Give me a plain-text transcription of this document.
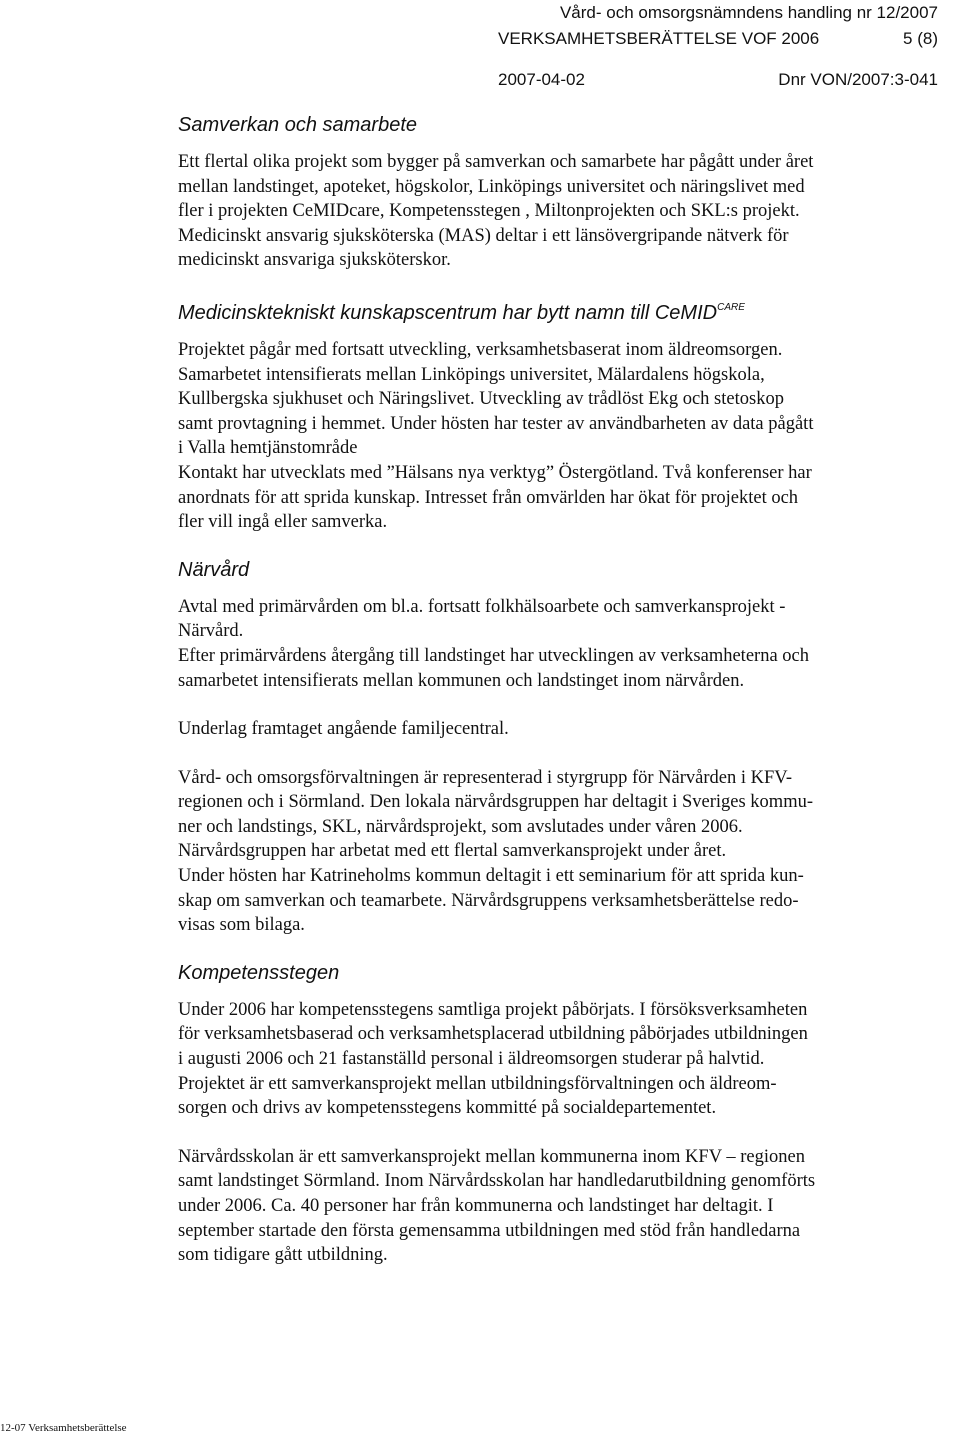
Vård- och omsorgsnämndens handling nr 12/2007
VERKSAMHETSBERÄTTELSE VOF 2006	5 (8)
2007-04-02	Dnr VON/2007:3-041
Samverkan och samarbete

Ett flertal olika projekt som bygger på samverkan och samarbete har pågått under året
mellan landstinget, apoteket, högskolor, Linköpings universitet och näringslivet med
fler i projekten CeMIDcare, Kompetensstegen , Miltonprojekten och SKL:s projekt.
Medicinskt ansvarig sjuksköterska (MAS) deltar i ett länsövergripande nätverk för
medicinskt ansvariga sjuksköterskor.

Medicinsktekniskt kunskapscentrum har bytt namn till CeMID$^{CARE}$

Projektet pågår med fortsatt utveckling, verksamhetsbaserat inom äldreomsorgen.
Samarbetet intensifierats mellan Linköpings universitet, Mälardalens högskola,
Kullbergska sjukhuset och Näringslivet. Utveckling av trådlöst Ekg och stetoskop
samt provtagning i hemmet. Under hösten har tester av användbarheten av data pågått
i Valla hemtjänstområde
Kontakt har utvecklats med ”Hälsans nya verktyg” Östergötland. Två konferenser har
anordnats för att sprida kunskap. Intresset från omvärlden har ökat för projektet och
fler vill ingå eller samverka.

Närvård

Avtal med primärvården om bl.a. fortsatt folkhälsoarbete och samverkansprojekt -
Närvård.
Efter primärvårdens återgång till landstinget har utvecklingen av verksamheterna och
samarbetet intensifierats mellan kommunen och landstinget inom närvården.

Underlag framtaget angående familjecentral.

Vård- och omsorgsförvaltningen är representerad i styrgrupp för Närvården i KFV-
regionen och i Sörmland. Den lokala närvårdsgruppen har deltagit i Sveriges kommu-
ner och landstings, SKL, närvårdsprojekt, som avslutades under våren 2006.
Närvårdsgruppen har arbetat med ett flertal samverkansprojekt under året.
Under hösten har Katrineholms kommun deltagit i ett seminarium för att sprida kun-
skap om samverkan och teamarbete. Närvårdsgruppens verksamhetsberättelse redo-
visas som bilaga.

Kompetensstegen

Under 2006 har kompetensstegens samtliga projekt påbörjats. I försöksverksamheten
för verksamhetsbaserad och verksamhetsplacerad utbildning påbörjades utbildningen
i augusti 2006 och 21 fastanställd personal i äldreomsorgen studerar på halvtid.
Projektet är ett samverkansprojekt mellan utbildningsförvaltningen och äldreom-
sorgen och drivs av kompetensstegens kommitté på socialdepartementet.

Närvårdsskolan är ett samverkansprojekt mellan kommunerna inom KFV – regionen
samt landstinget Sörmland. Inom Närvårdsskolan har handledarutbildning genomförts
under 2006. Ca. 40 personer har från kommunerna och landstinget har deltagit. I
september startade den första gemensamma utbildningen med stöd från handledarna
som tidigare gått utbildning.

12-07 Verksamhetsberättelse
